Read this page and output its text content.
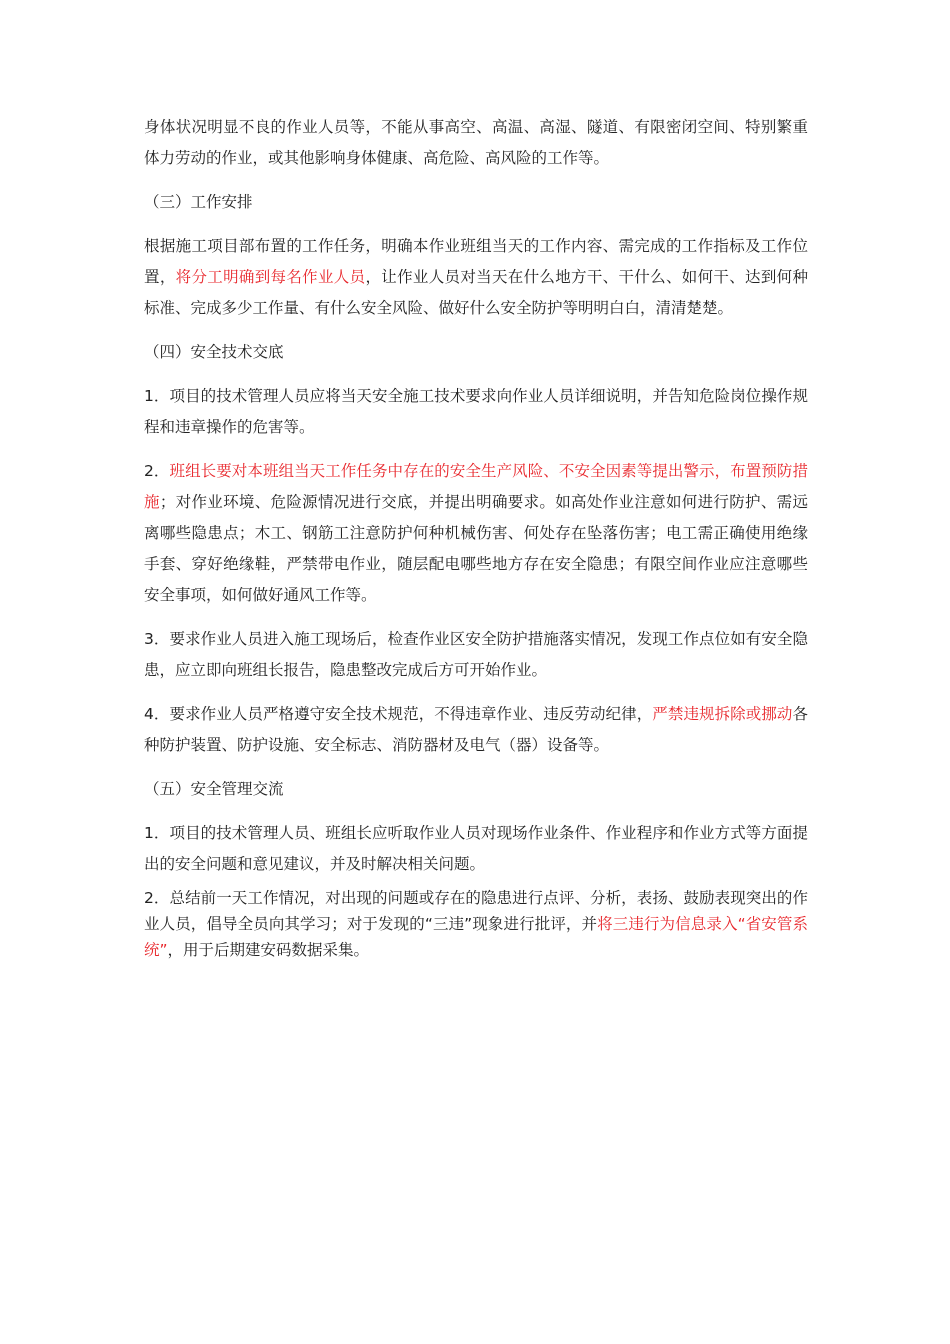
身体状况明显不良的作业人员等，不能从事高空、高温、高湿、隧道、有限密闭空间、特别繁重体力劳动的作业，或其他影响身体健康、高危险、高风险的工作等。

（三）工作安排

根据施工项目部布置的工作任务，明确本作业班组当天的工作内容、需完成的工作指标及工作位置，将分工明确到每名作业人员，让作业人员对当天在什么地方干、干什么、如何干、达到何种标准、完成多少工作量、有什么安全风险、做好什么安全防护等明明白白，清清楚楚。

（四）安全技术交底

1．项目的技术管理人员应将当天安全施工技术要求向作业人员详细说明，并告知危险岗位操作规程和违章操作的危害等。

2．班组长要对本班组当天工作任务中存在的安全生产风险、不安全因素等提出警示，布置预防措施；对作业环境、危险源情况进行交底，并提出明确要求。如高处作业注意如何进行防护、需远离哪些隐患点；木工、钢筋工注意防护何种机械伤害、何处存在坠落伤害；电工需正确使用绝缘手套、穿好绝缘鞋，严禁带电作业，随层配电哪些地方存在安全隐患；有限空间作业应注意哪些安全事项，如何做好通风工作等。

3．要求作业人员进入施工现场后，检查作业区安全防护措施落实情况，发现工作点位如有安全隐患，应立即向班组长报告，隐患整改完成后方可开始作业。

4．要求作业人员严格遵守安全技术规范，不得违章作业、违反劳动纪律，严禁违规拆除或挪动各种防护装置、防护设施、安全标志、消防器材及电气（器）设备等。

（五）安全管理交流

1．项目的技术管理人员、班组长应听取作业人员对现场作业条件、作业程序和作业方式等方面提出的安全问题和意见建议，并及时解决相关问题。

2．总结前一天工作情况，对出现的问题或存在的隐患进行点评、分析，表扬、鼓励表现突出的作业人员，倡导全员向其学习；对于发现的“三违”现象进行批评，并将三违行为信息录入“省安管系统”，用于后期建安码数据采集。
